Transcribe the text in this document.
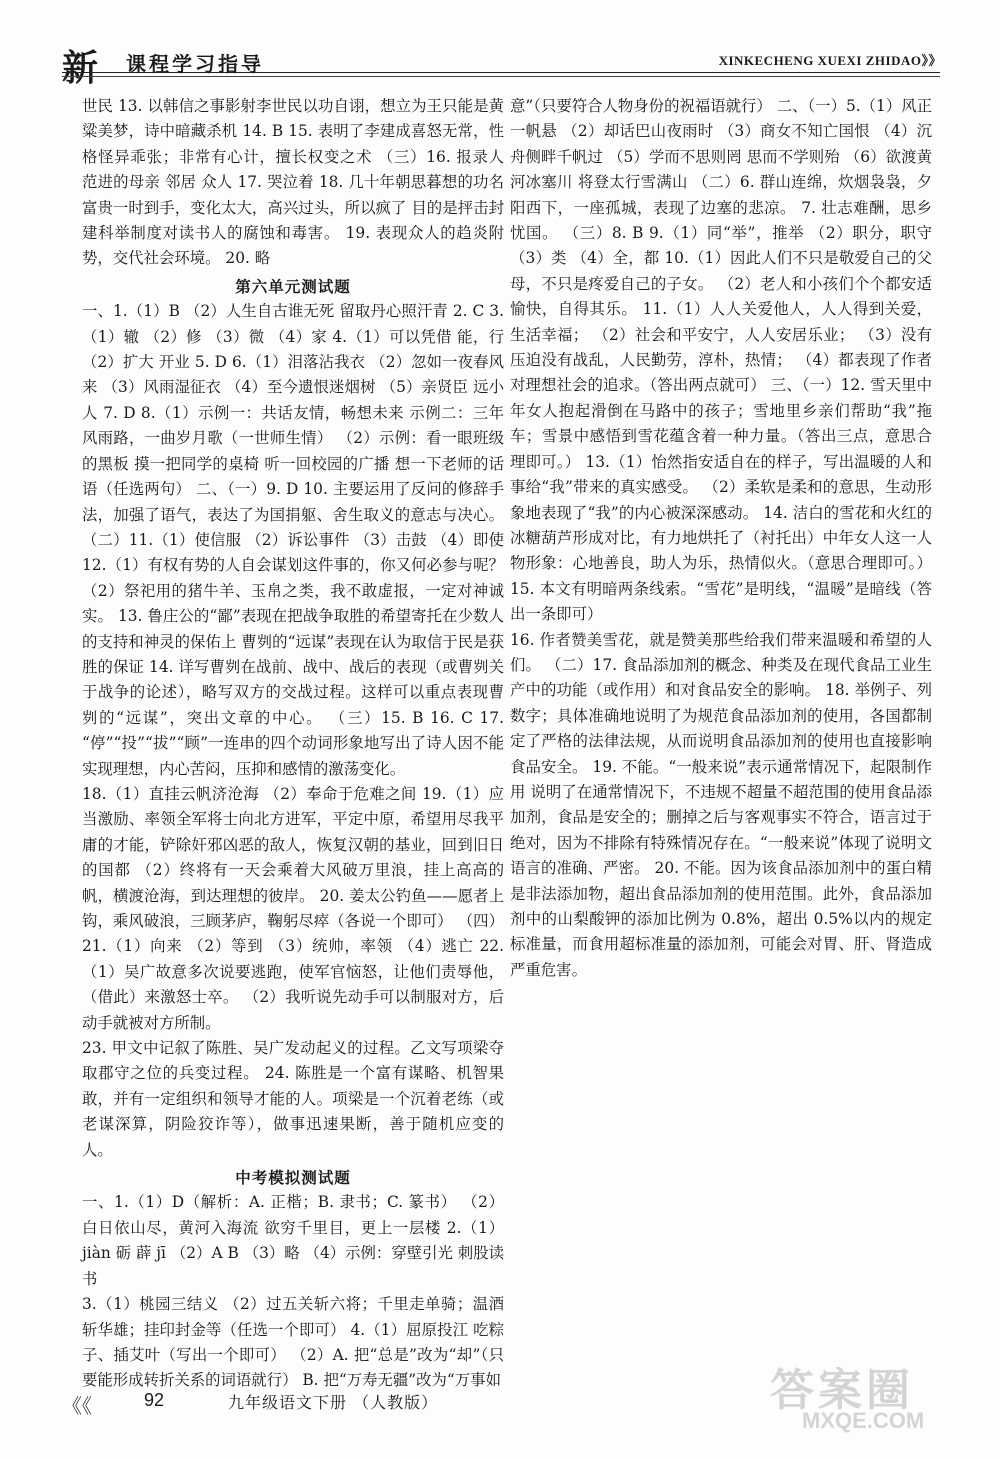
新 课程学习指导	XINKECHENG XUEXI ZHIDAO》》

世民 13. 以韩信之事影射李世民以功自诩，想立为王只能是黄粱美梦，诗中暗藏杀机 14. B 15. 表明了李建成喜怒无常，性格怪异乖张；非常有心计，擅长权变之术 （三）16. 报录人 范进的母亲 邻居 众人 17. 哭泣着 18. 几十年朝思暮想的功名富贵一时到手，变化太大，高兴过头，所以疯了 目的是抨击封建科举制度对读书人的腐蚀和毒害。 19. 表现众人的趋炎附势，交代社会环境。 20. 略

第六单元测试题

一、1.（1）B （2）人生自古谁无死 留取丹心照汗青 2. C 3.（1）辙 （2）修 （3）微 （4）家 4.（1）可以凭借 能，行 （2）扩大 开业 5. D 6.（1）泪落沾我衣 （2）忽如一夜春风来 （3）风雨湿征衣 （4）至今遗恨迷烟树 （5）亲贤臣 远小人 7. D 8.（1）示例一：共话友情，畅想未来 示例二：三年风雨路，一曲岁月歌（一世师生情） （2）示例：看一眼班级的黑板 摸一把同学的桌椅 听一回校园的广播 想一下老师的话语（任选两句） 二、（一）9. D 10. 主要运用了反问的修辞手法，加强了语气，表达了为国捐躯、舍生取义的意志与决心。 （二）11.（1）使信服 （2）诉讼事件 （3）击鼓 （4）即使 12.（1）有权有势的人自会谋划这件事的，你又何必参与呢？ （2）祭祀用的猪牛羊、玉帛之类，我不敢虚报，一定对神诚实。 13. 鲁庄公的“鄙”表现在把战争取胜的希望寄托在少数人的支持和神灵的保佑上 曹刿的“远谋”表现在认为取信于民是获胜的保证 14. 详写曹刿在战前、战中、战后的表现（或曹刿关于战争的论述），略写双方的交战过程。这样可以重点表现曹刿的“远谋”，突出文章的中心。 （三）15. B 16. C 17. “停”“投”“拔”“顾”一连串的四个动词形象地写出了诗人因不能实现理想，内心苦闷，压抑和感情的激荡变化。

18.（1）直挂云帆济沧海 （2）奉命于危难之间 19.（1）应当激励、率领全军将士向北方进军，平定中原，希望用尽我平庸的才能，铲除奸邪凶恶的敌人，恢复汉朝的基业，回到旧日的国都 （2）终将有一天会乘着大风破万里浪，挂上高高的帆，横渡沧海，到达理想的彼岸。 20. 姜太公钓鱼——愿者上钩，乘风破浪，三顾茅庐，鞠躬尽瘁（各说一个即可） （四）21.（1）向来 （2）等到 （3）统帅，率领 （4）逃亡 22.（1）吴广故意多次说要逃跑，使军官恼怒，让他们责辱他，（借此）来激怒士卒。 （2）我听说先动手可以制服对方，后动手就被对方所制。

23. 甲文中记叙了陈胜、吴广发动起义的过程。乙文写项梁夺取郡守之位的兵变过程。 24. 陈胜是一个富有谋略、机智果敢，并有一定组织和领导才能的人。项梁是一个沉着老练（或老谋深算，阴险狡诈等），做事迅速果断，善于随机应变的人。

中考模拟测试题

一、1.（1）D（解析：A. 正楷；B. 隶书；C. 篆书） （2）白日依山尽，黄河入海流 欲穷千里目，更上一层楼 2.（1）jiàn 砺 薜 jī （2）A B （3）略 （4）示例：穿壁引光 刺股读书

3.（1）桃园三结义 （2）过五关斩六将；千里走单骑；温酒斩华雄；挂印封金等（任选一个即可） 4.（1）屈原投江 吃粽子、插艾叶（写出一个即可） （2）A. 把“总是”改为“却”（只要能形成转折关系的词语就行） B. 把“万寿无疆”改为“万事如

意”（只要符合人物身份的祝福语就行） 二、（一）5.（1）风正一帆悬 （2）却话巴山夜雨时 （3）商女不知亡国恨 （4）沉舟侧畔千帆过 （5）学而不思则罔 思而不学则殆 （6）欲渡黄河冰塞川 将登太行雪满山 （二）6. 群山连绵，炊烟袅袅，夕阳西下，一座孤城，表现了边塞的悲凉。 7. 壮志难酬，思乡忧国。 （三）8. B 9.（1）同“举”，推举 （2）职分，职守 （3）类 （4）全，都 10.（1）因此人们不只是敬爱自己的父母，不只是疼爱自己的子女。 （2）老人和小孩们个个都安适愉快，自得其乐。 11.（1）人人关爱他人，人人得到关爱，生活幸福； （2）社会和平安宁，人人安居乐业； （3）没有压迫没有战乱，人民勤劳，淳朴，热情； （4）都表现了作者对理想社会的追求。（答出两点就可） 三、（一）12. 雪天里中年女人抱起滑倒在马路中的孩子；雪地里乡亲们帮助“我”拖车；雪景中感悟到雪花蕴含着一种力量。（答出三点，意思合理即可。） 13.（1）怡然指安适自在的样子，写出温暖的人和事给“我”带来的真实感受。 （2）柔软是柔和的意思，生动形象地表现了“我”的内心被深深感动。 14. 洁白的雪花和火红的冰糖葫芦形成对比，有力地烘托了（衬托出）中年女人这一人物形象：心地善良，助人为乐，热情似火。（意思合理即可。） 15. 本文有明暗两条线索。“雪花”是明线，“温暖”是暗线（答出一条即可）

16. 作者赞美雪花，就是赞美那些给我们带来温暖和希望的人们。 （二）17. 食品添加剂的概念、种类及在现代食品工业生产中的功能（或作用）和对食品安全的影响。 18. 举例子、列数字；具体准确地说明了为规范食品添加剂的使用，各国都制定了严格的法律法规，从而说明食品添加剂的使用也直接影响食品安全。 19. 不能。“一般来说”表示通常情况下，起限制作用 说明了在通常情况下，不违规不超量不超范围的使用食品添加剂，食品是安全的；删掉之后与客观事实不符合，语言过于绝对，因为不排除有特殊情况存在。“一般来说”体现了说明文语言的准确、严密。 20. 不能。因为该食品添加剂中的蛋白精是非法添加物，超出食品添加剂的使用范围。此外，食品添加剂中的山梨酸钾的添加比例为 0.8%，超出 0.5%以内的规定标准量，而食用超标准量的添加剂，可能会对胃、肝、肾造成严重危害。

《《	92	九年级语文下册 （人教版）	答案圈
MXQE.COM
